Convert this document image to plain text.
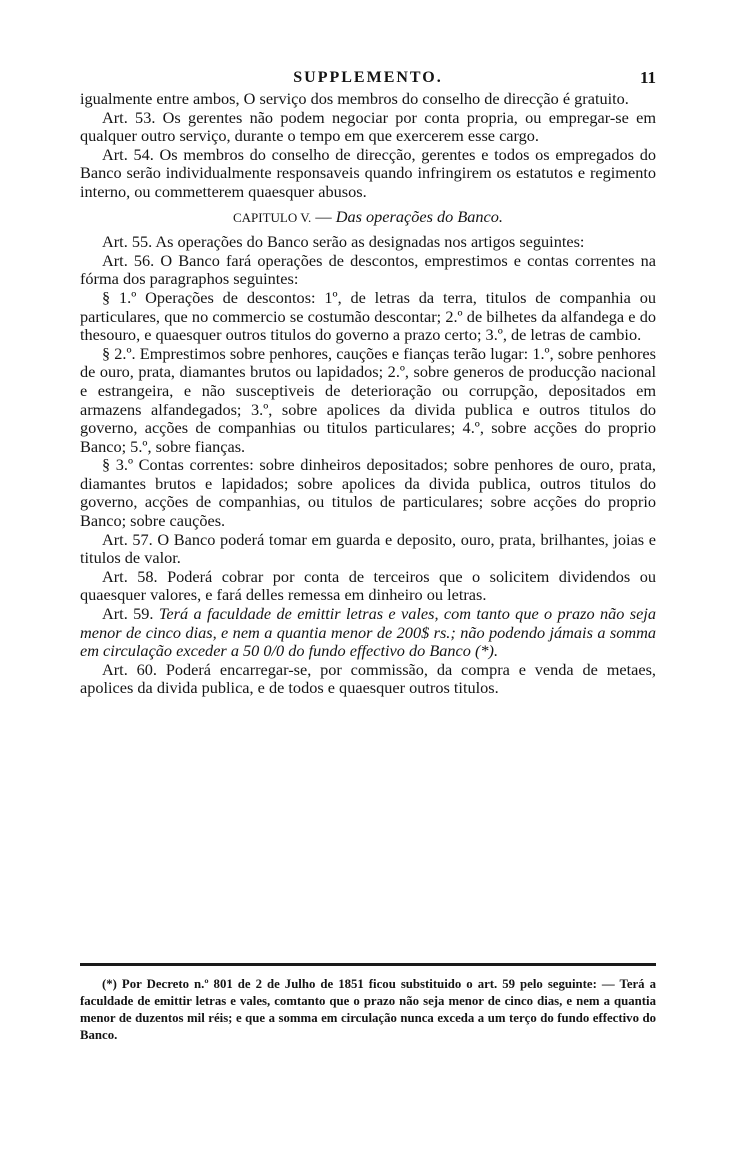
SUPPLEMENTO.	11

igualmente entre ambos, O serviço dos membros do conselho de direcção é gratuito.

Art. 53. Os gerentes não podem negociar por conta propria, ou empregar-se em qualquer outro serviço, durante o tempo em que exercerem esse cargo.

Art. 54. Os membros do conselho de direcção, gerentes e todos os empregados do Banco serão individualmente responsaveis quando infringirem os estatutos e regimento interno, ou commetterem quaesquer abusos.

CAPITULO V. — Das operações do Banco.

Art. 55. As operações do Banco serão as designadas nos artigos seguintes:

Art. 56. O Banco fará operações de descontos, emprestimos e contas correntes na fórma dos paragraphos seguintes:

§ 1.º Operações de descontos: 1º, de letras da terra, titulos de companhia ou particulares, que no commercio se costumão descontar; 2.º de bilhetes da alfandega e do thesouro, e quaesquer outros titulos do governo a prazo certo; 3.º, de letras de cambio.

§ 2.º. Emprestimos sobre penhores, cauções e fianças terão lugar: 1.º, sobre penhores de ouro, prata, diamantes brutos ou lapidados; 2.º, sobre generos de producção nacional e estrangeira, e não susceptiveis de deterioração ou corrupção, depositados em armazens alfandegados; 3.º, sobre apolices da divida publica e outros titulos do governo, acções de companhias ou titulos particulares; 4.º, sobre acções do proprio Banco; 5.º, sobre fianças.

§ 3.º Contas correntes: sobre dinheiros depositados; sobre penhores de ouro, prata, diamantes brutos e lapidados; sobre apolices da divida publica, outros titulos do governo, acções de companhias, ou titulos de particulares; sobre acções do proprio Banco; sobre cauções.

Art. 57. O Banco poderá tomar em guarda e deposito, ouro, prata, brilhantes, joias e titulos de valor.

Art. 58. Poderá cobrar por conta de terceiros que o solicitem dividendos ou quaesquer valores, e fará delles remessa em dinheiro ou letras.

Art. 59. Terá a faculdade de emittir letras e vales, com tanto que o prazo não seja menor de cinco dias, e nem a quantia menor de 200$ rs.; não podendo jámais a somma em circulação exceder a 50 0/0 do fundo effectivo do Banco (*).

Art. 60. Poderá encarregar-se, por commissão, da compra e venda de metaes, apolices da divida publica, e de todos e quaesquer outros titulos.

(*) Por Decreto n.º 801 de 2 de Julho de 1851 ficou substituido o art. 59 pelo seguinte: — Terá a faculdade de emittir letras e vales, comtanto que o prazo não seja menor de cinco dias, e nem a quantia menor de duzentos mil réis; e que a somma em circulação nunca exceda a um terço do fundo effectivo do Banco.
